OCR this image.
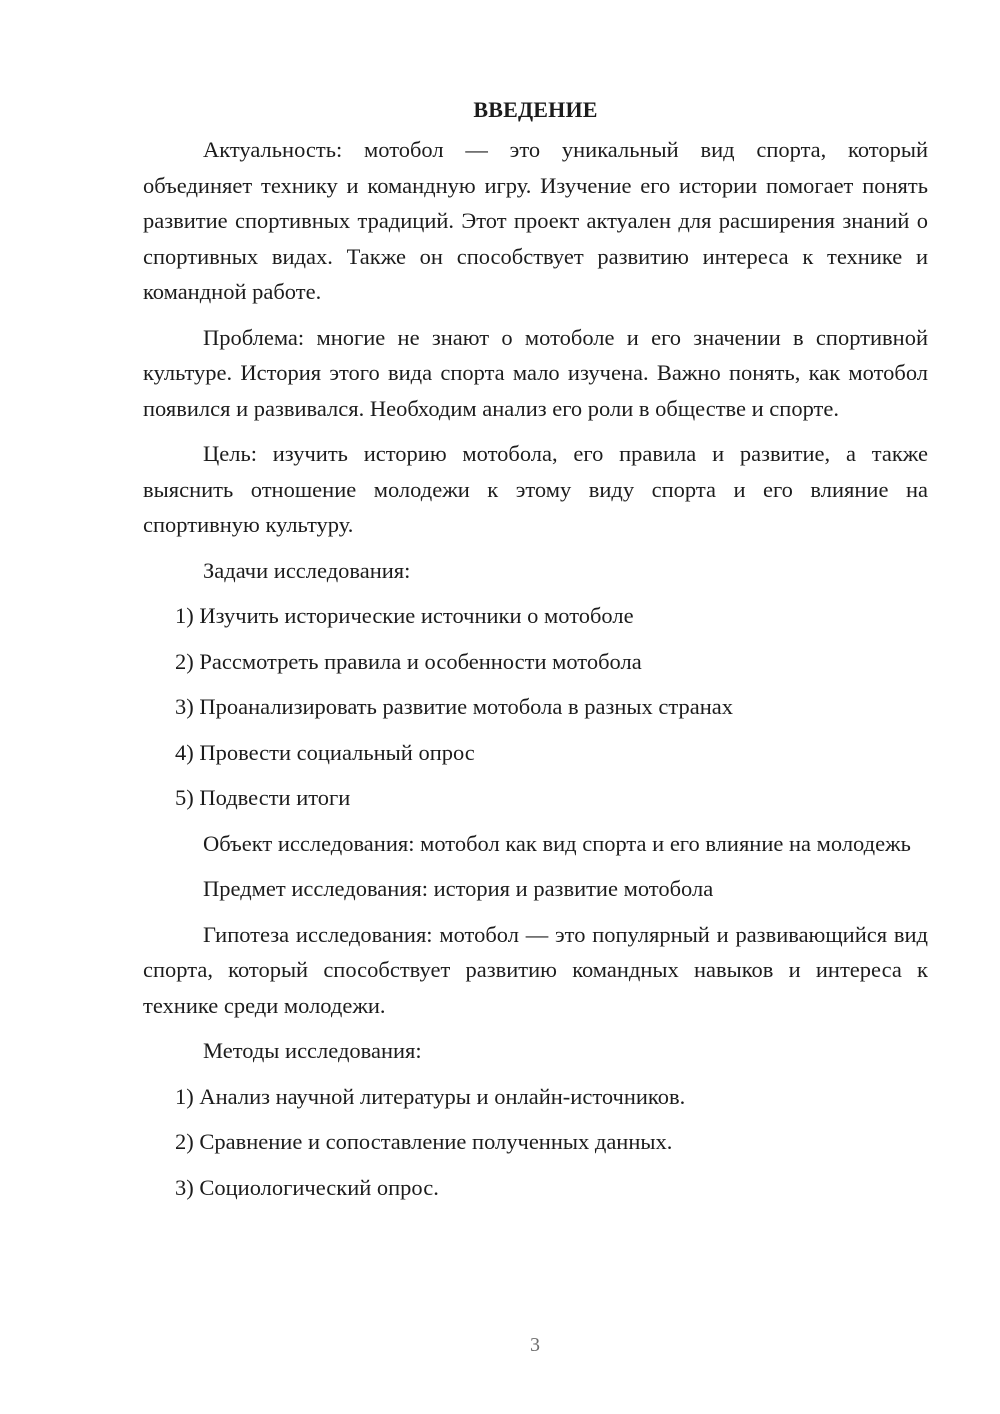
ВВЕДЕНИЕ

Актуальность: мотобол — это уникальный вид спорта, который объединяет технику и командную игру. Изучение его истории помогает понять развитие спортивных традиций. Этот проект актуален для расширения знаний о спортивных видах. Также он способствует развитию интереса к технике и командной работе.

Проблема: многие не знают о мотоболе и его значении в спортивной культуре. История этого вида спорта мало изучена. Важно понять, как мотобол появился и развивался. Необходим анализ его роли в обществе и спорте.

Цель: изучить историю мотобола, его правила и развитие, а также выяснить отношение молодежи к этому виду спорта и его влияние на спортивную культуру.

Задачи исследования:

1) Изучить исторические источники о мотоболе

2) Рассмотреть правила и особенности мотобола

3) Проанализировать развитие мотобола в разных странах

4) Провести социальный опрос

5) Подвести итоги

Объект исследования: мотобол как вид спорта и его влияние на молодежь

Предмет исследования: история и развитие мотобола

Гипотеза исследования: мотобол — это популярный и развивающийся вид спорта, который способствует развитию командных навыков и интереса к технике среди молодежи.

Методы исследования:

1) Анализ научной литературы и онлайн-источников.

2) Сравнение и сопоставление полученных данных.

3) Социологический опрос.

3
